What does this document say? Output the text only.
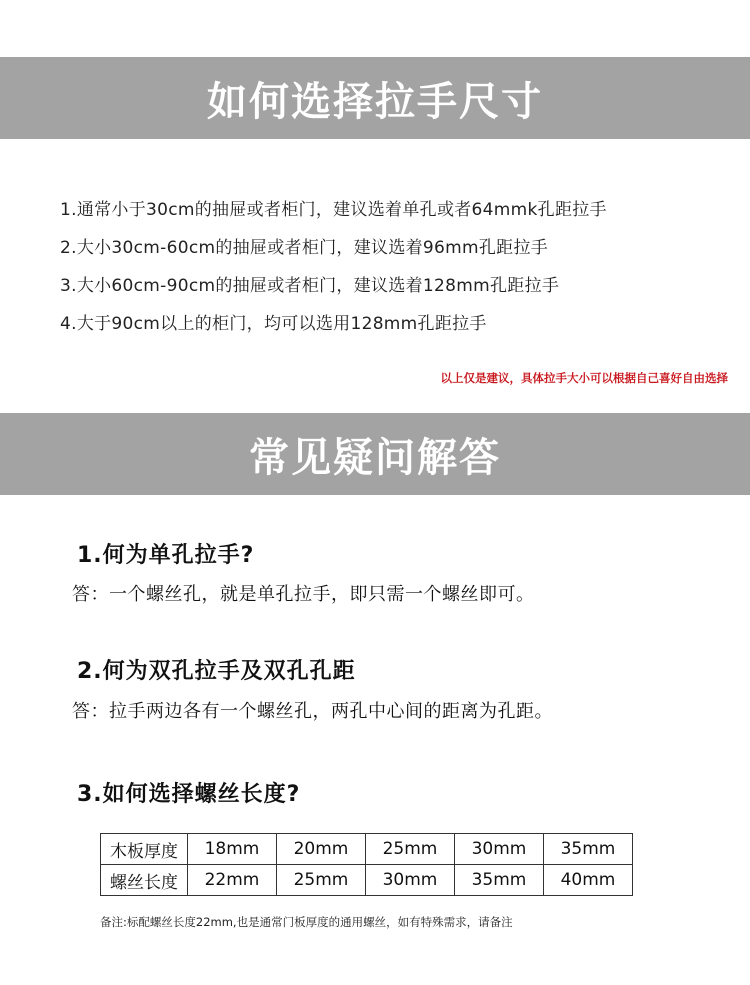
如何选择拉手尺寸
1.通常小于30cm的抽屉或者柜门，建议选着单孔或者64mmk孔距拉手
2.大小30cm-60cm的抽屉或者柜门，建议选着96mm孔距拉手
3.大小60cm-90cm的抽屉或者柜门，建议选着128mm孔距拉手
4.大于90cm以上的柜门，均可以选用128mm孔距拉手
以上仅是建议，具体拉手大小可以根据自己喜好自由选择
常见疑问解答
1.何为单孔拉手?
答：一个螺丝孔，就是单孔拉手，即只需一个螺丝即可。
2.何为双孔拉手及双孔孔距
答：拉手两边各有一个螺丝孔，两孔中心间的距离为孔距。
3.如何选择螺丝长度?
木板厚度	18mm	20mm	25mm	30mm	35mm
螺丝长度	22mm	25mm	30mm	35mm	40mm
备注:标配螺丝长度22mm,也是通常门板厚度的通用螺丝，如有特殊需求，请备注
